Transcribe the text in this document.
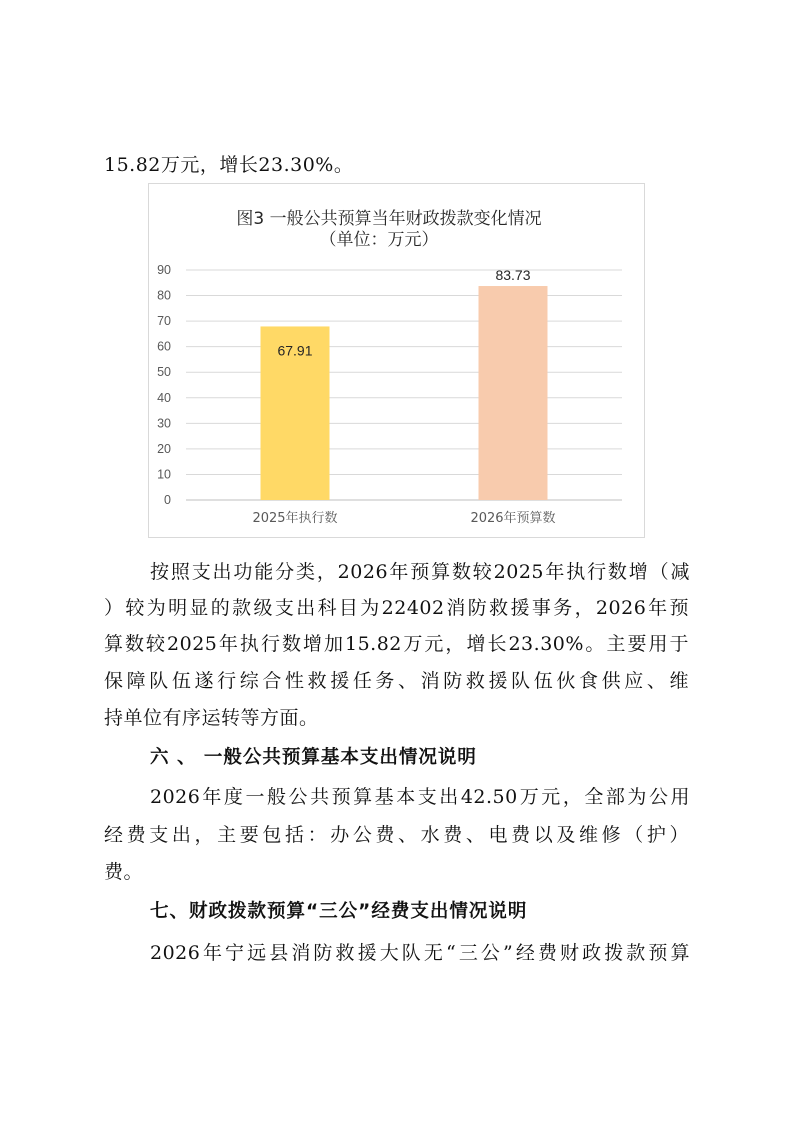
15.82万元，增长23.30%。
图3 一般公共预算当年财政拨款变化情况
（单位：万元）
0
10
20
30
40
50
60
70
80
90
67.91
83.73
2025年执行数	2026年预算数
按照支出功能分类，2026年预算数较2025年执行数增（减
）较为明显的款级支出科目为22402消防救援事务，2026年预
算数较2025年执行数增加15.82万元，增长23.30%。主要用于
保障队伍遂行综合性救援任务、消防救援队伍伙食供应、维
持单位有序运转等方面。
六 、 一般公共预算基本支出情况说明
2026年度一般公共预算基本支出42.50万元，全部为公用
经费支出，主要包括：办公费、水费、电费以及维修（护）
费。
七、财政拨款预算“三公”经费支出情况说明
2026年宁远县消防救援大队无“三公”经费财政拨款预算
